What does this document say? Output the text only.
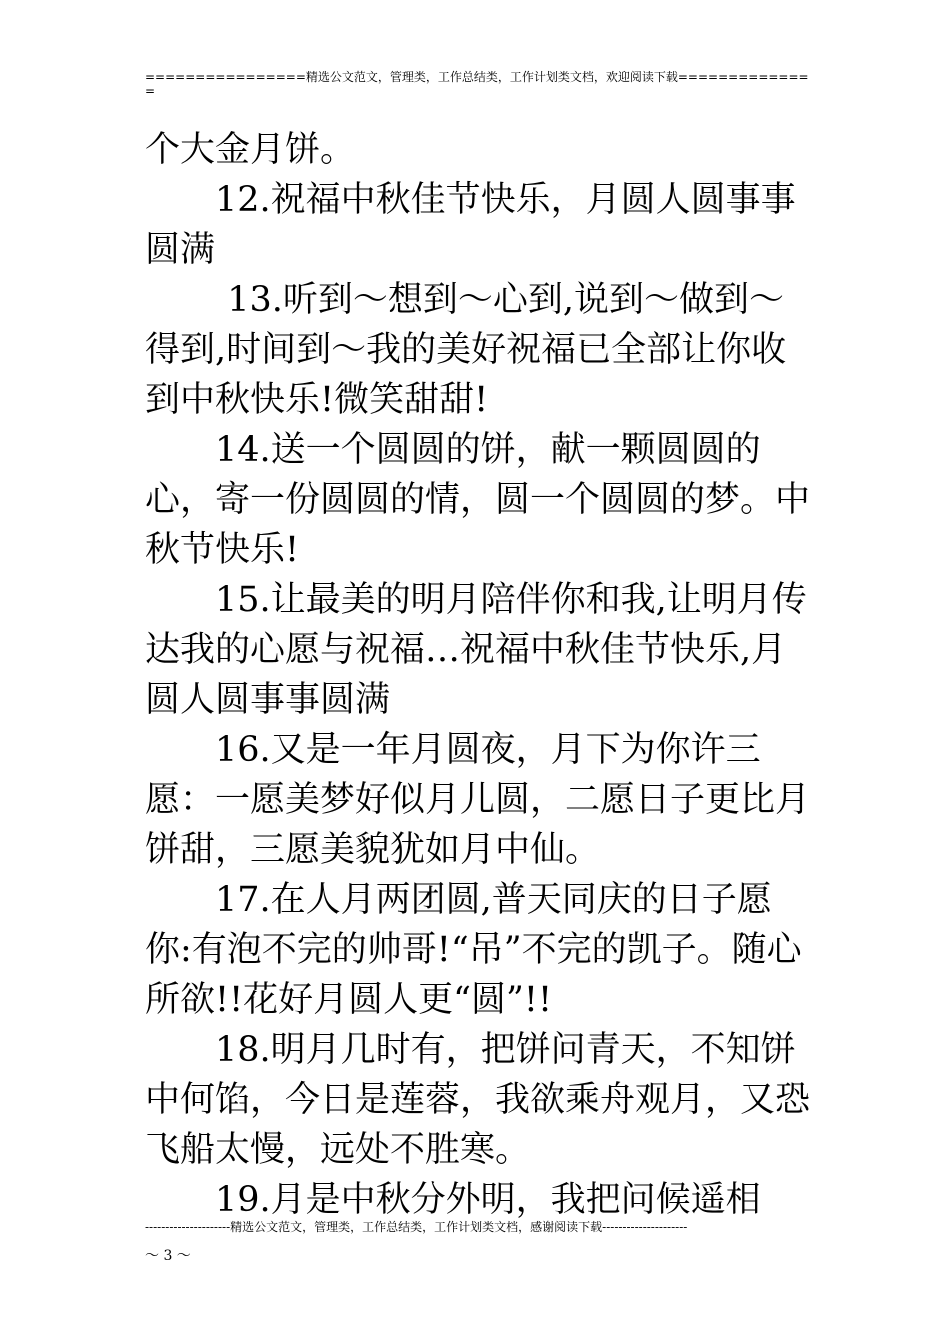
================精选公文范文，管理类，工作总结类，工作计划类文档，欢迎阅读下载==============

个大金月饼。

12.祝福中秋佳节快乐，月圆人圆事事圆满

13.听到～想到～心到,说到～做到～得到,时间到～我的美好祝福已全部让你收到中秋快乐!微笑甜甜!

14.送一个圆圆的饼，献一颗圆圆的心，寄一份圆圆的情，圆一个圆圆的梦。中秋节快乐!

15.让最美的明月陪伴你和我,让明月传达我的心愿与祝福…祝福中秋佳节快乐,月圆人圆事事圆满

16.又是一年月圆夜，月下为你许三愿：一愿美梦好似月儿圆，二愿日子更比月饼甜，三愿美貌犹如月中仙。

17.在人月两团圆,普天同庆的日子愿你:有泡不完的帅哥!“吊”不完的凯子。随心所欲!!花好月圆人更“圆”!!

18.明月几时有，把饼问青天，不知饼中何馅，今日是莲蓉，我欲乘舟观月，又恐飞船太慢，远处不胜寒。

19.月是中秋分外明，我把问候遥相

---------------------精选公文范文，管理类，工作总结类，工作计划类文档，感谢阅读下载---------------------
～ 3 ～
